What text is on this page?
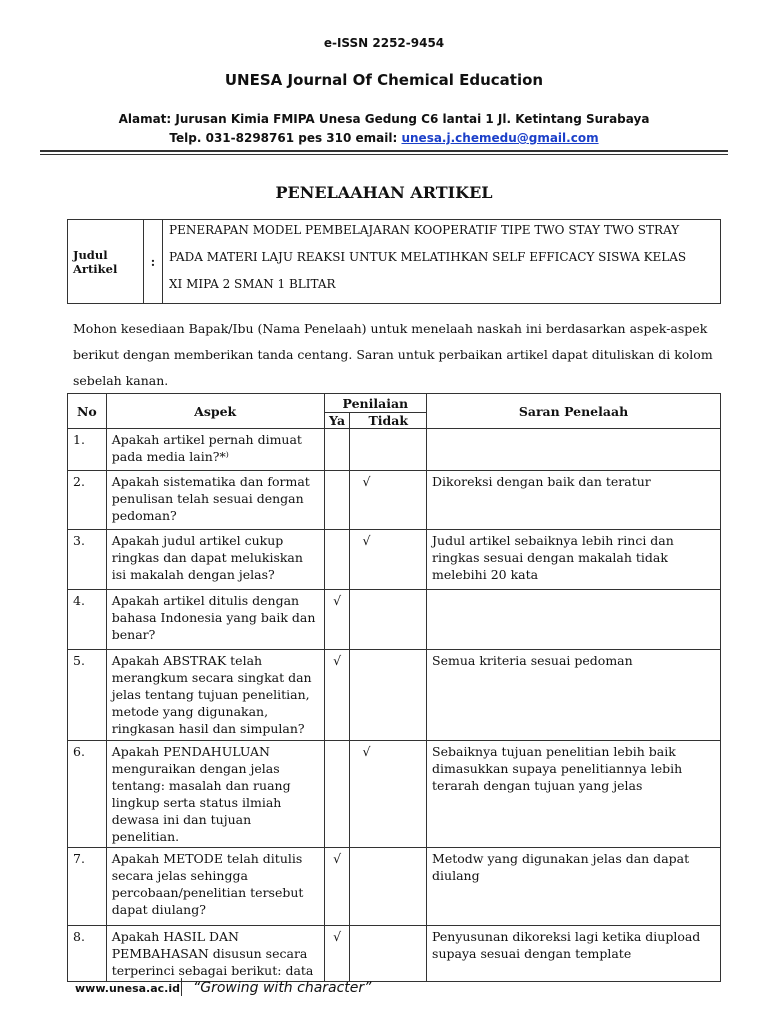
e-ISSN 2252-9454
UNESA Journal Of Chemical Education
Alamat: Jurusan Kimia FMIPA Unesa Gedung C6 lantai 1 Jl. Ketintang Surabaya
Telp. 031-8298761 pes 310 email: unesa.j.chemedu@gmail.com
PENELAAHAN ARTIKEL
Judul
Artikel	:	
PENERAPAN MODEL PEMBELAJARAN KOOPERATIF TIPE TWO STAY TWO STRAY
PADA MATERI LAJU REAKSI UNTUK MELATIHKAN SELF EFFICACY SISWA KELAS
XI MIPA 2 SMAN 1 BLITAR
Mohon kesediaan Bapak/Ibu (Nama Penelaah) untuk menelaah naskah ini berdasarkan aspek-aspek berikut dengan memberikan tanda centang. Saran untuk perbaikan artikel dapat dituliskan di kolom sebelah kanan.
No	Aspek	Penilaian		Saran Penelaah
		Ya	Tidak	
1.	Apakah artikel pernah dimuat pada media lain?*⁾			
2.	Apakah sistematika dan format penulisan telah sesuai dengan pedoman?		√	Dikoreksi dengan baik dan teratur
3.	Apakah judul artikel cukup ringkas dan dapat melukiskan isi makalah dengan jelas?		√	Judul artikel sebaiknya lebih rinci dan ringkas sesuai dengan makalah tidak melebihi 20 kata
4.	Apakah artikel ditulis dengan bahasa Indonesia yang baik dan benar?	√		
5.	Apakah ABSTRAK telah merangkum secara singkat dan jelas tentang tujuan penelitian, metode yang digunakan, ringkasan hasil dan simpulan?	√		Semua kriteria sesuai pedoman
6.	Apakah PENDAHULUAN menguraikan dengan jelas tentang: masalah dan ruang lingkup serta status ilmiah dewasa ini dan tujuan penelitian.		√	Sebaiknya tujuan penelitian lebih baik dimasukkan supaya penelitiannya lebih terarah dengan tujuan yang jelas
7.	Apakah METODE telah ditulis secara jelas sehingga percobaan/penelitian tersebut dapat diulang?	√		Metodw yang digunakan jelas dan dapat diulang
8.	Apakah HASIL DAN PEMBAHASAN disusun secara terperinci sebagai berikut: data	√		Penyusunan dikoreksi lagi ketika diupload supaya sesuai dengan template
www.unesa.ac.id “Growing with character”
